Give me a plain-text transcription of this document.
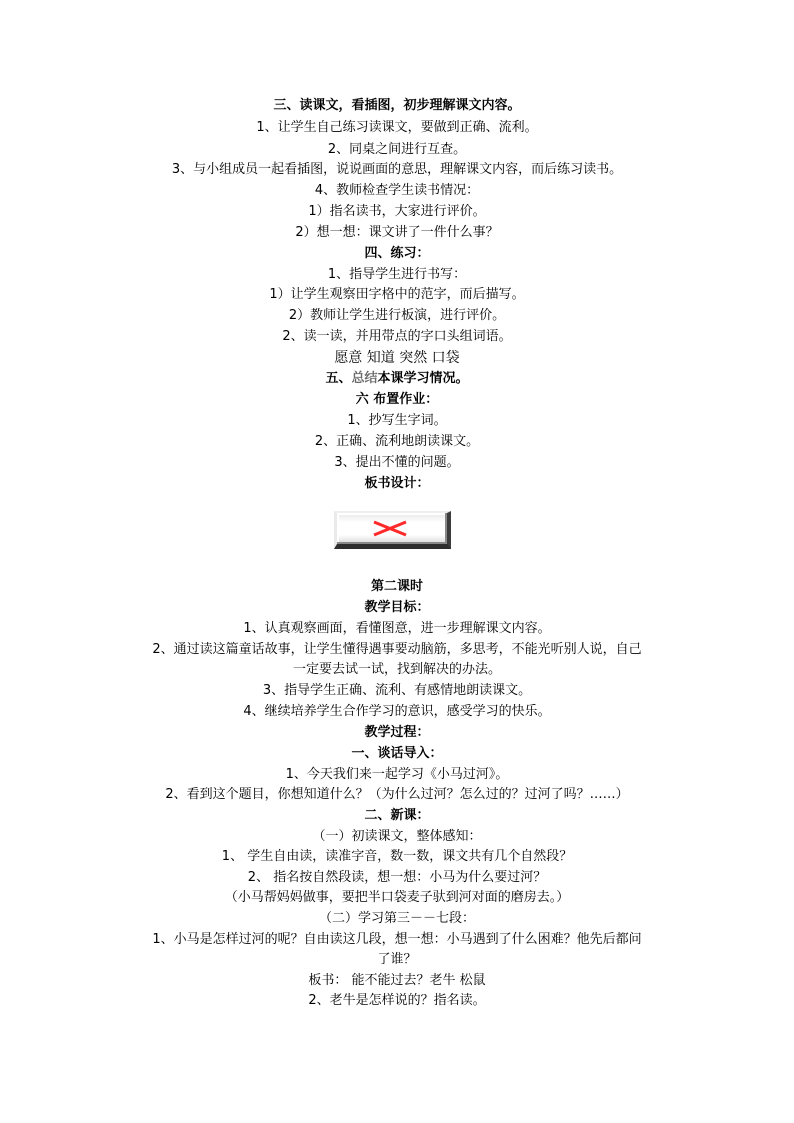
三、读课文，看插图，初步理解课文内容。
1、让学生自己练习读课文，要做到正确、流利。
2、同桌之间进行互查。
3、与小组成员一起看插图，说说画面的意思，理解课文内容，而后练习读书。
4、教师检查学生读书情况：
1）指名读书，大家进行评价。
2）想一想：课文讲了一件什么事？
四、练习：
1、指导学生进行书写：
1）让学生观察田字格中的范字，而后描写。
2）教师让学生进行板演，进行评价。
2、读一读，并用带点的字口头组词语。
愿意 知道 突然 口袋
五、总结本课学习情况。
六 布置作业：
1、抄写生字词。
2、正确、流利地朗读课文。
3、提出不懂的问题。
板书设计：
第二课时
教学目标：
1、认真观察画面，看懂图意，进一步理解课文内容。
2、通过读这篇童话故事，让学生懂得遇事要动脑筋，多思考，不能光听别人说，自己
一定要去试一试，找到解决的办法。
3、指导学生正确、流利、有感情地朗读课文。
4、继续培养学生合作学习的意识，感受学习的快乐。
教学过程：
一、谈话导入：
1、今天我们来一起学习《小马过河》。
2、看到这个题目，你想知道什么？（为什么过河？怎么过的？过河了吗？……）
二、新课：
（一）初读课文，整体感知：
1、 学生自由读，读准字音，数一数，课文共有几个自然段？
2、 指名按自然段读，想一想：小马为什么要过河？
（小马帮妈妈做事，要把半口袋麦子驮到河对面的磨房去。）
（二）学习第三－－七段：
1、小马是怎样过河的呢？自由读这几段，想一想：小马遇到了什么困难？他先后都问
了谁？
板书： 能不能过去？老牛 松鼠
2、老牛是怎样说的？指名读。
